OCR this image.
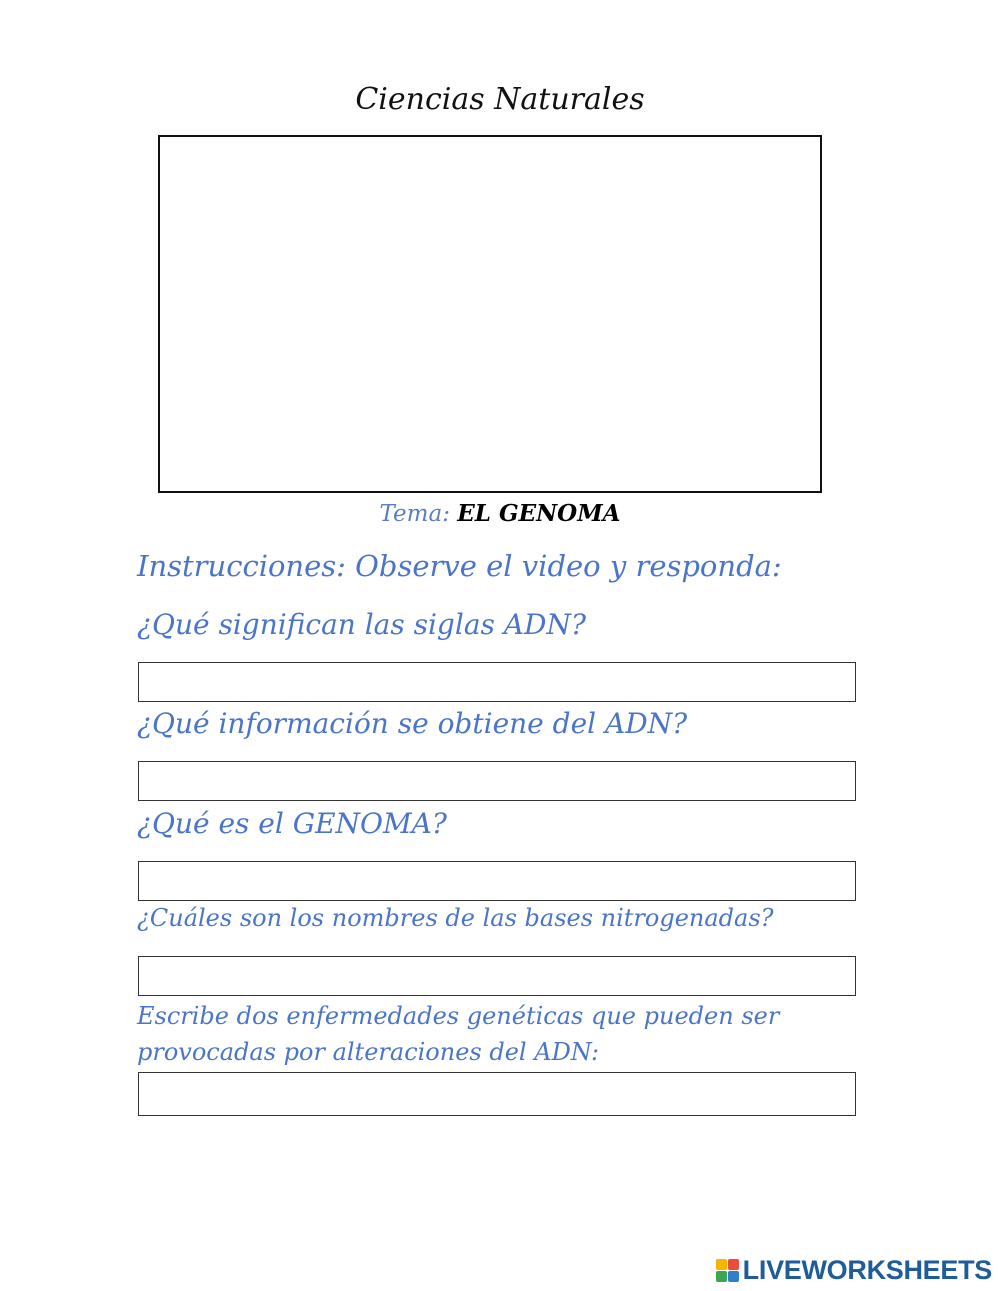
Ciencias Naturales
Tema: EL GENOMA
Instrucciones: Observe el video y responda:
¿Qué significan las siglas ADN?
¿Qué información se obtiene del ADN?
¿Qué es el GENOMA?
¿Cuáles son los nombres de las bases nitrogenadas?
Escribe dos enfermedades genéticas que pueden ser provocadas por alteraciones del ADN:
LIVEWORKSHEETS
